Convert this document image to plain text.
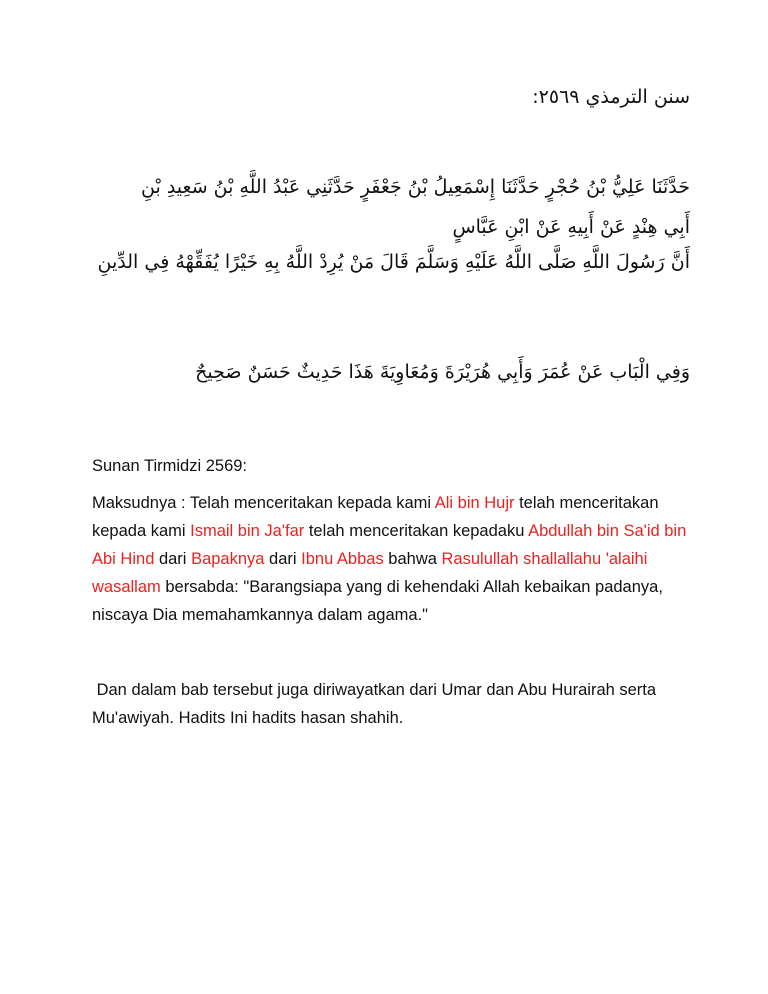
سنن الترمذي ٢٥٦٩:
حَدَّثَنَا عَلِيُّ بْنُ حُجْرٍ حَدَّثَنَا إِسْمَعِيلُ بْنُ جَعْفَرٍ حَدَّثَنِي عَبْدُ اللَّهِ بْنُ سَعِيدِ بْنِ
أَبِي هِنْدٍ عَنْ أَبِيهِ عَنْ ابْنِ عَبَّاسٍ
أَنَّ رَسُولَ اللَّهِ صَلَّى اللَّهُ عَلَيْهِ وَسَلَّمَ قَالَ مَنْ يُرِدْ اللَّهُ بِهِ خَيْرًا يُفَقِّهْهُ فِي الدِّينِ
وَفِي الْبَاب عَنْ عُمَرَ وَأَبِي هُرَيْرَةَ وَمُعَاوِيَةَ هَذَا حَدِيثٌ حَسَنٌ صَحِيحٌ
Sunan Tirmidzi 2569:
Maksudnya : Telah menceritakan kepada kami Ali bin Hujr telah menceritakan kepada kami Ismail bin Ja'far telah menceritakan kepadaku Abdullah bin Sa'id bin Abi Hind dari Bapaknya dari Ibnu Abbas bahwa Rasulullah shallallahu 'alaihi wasallam bersabda: "Barangsiapa yang di kehendaki Allah kebaikan padanya, niscaya Dia memahamkannya dalam agama."
Dan dalam bab tersebut juga diriwayatkan dari Umar dan Abu Hurairah serta Mu'awiyah. Hadits Ini hadits hasan shahih.
